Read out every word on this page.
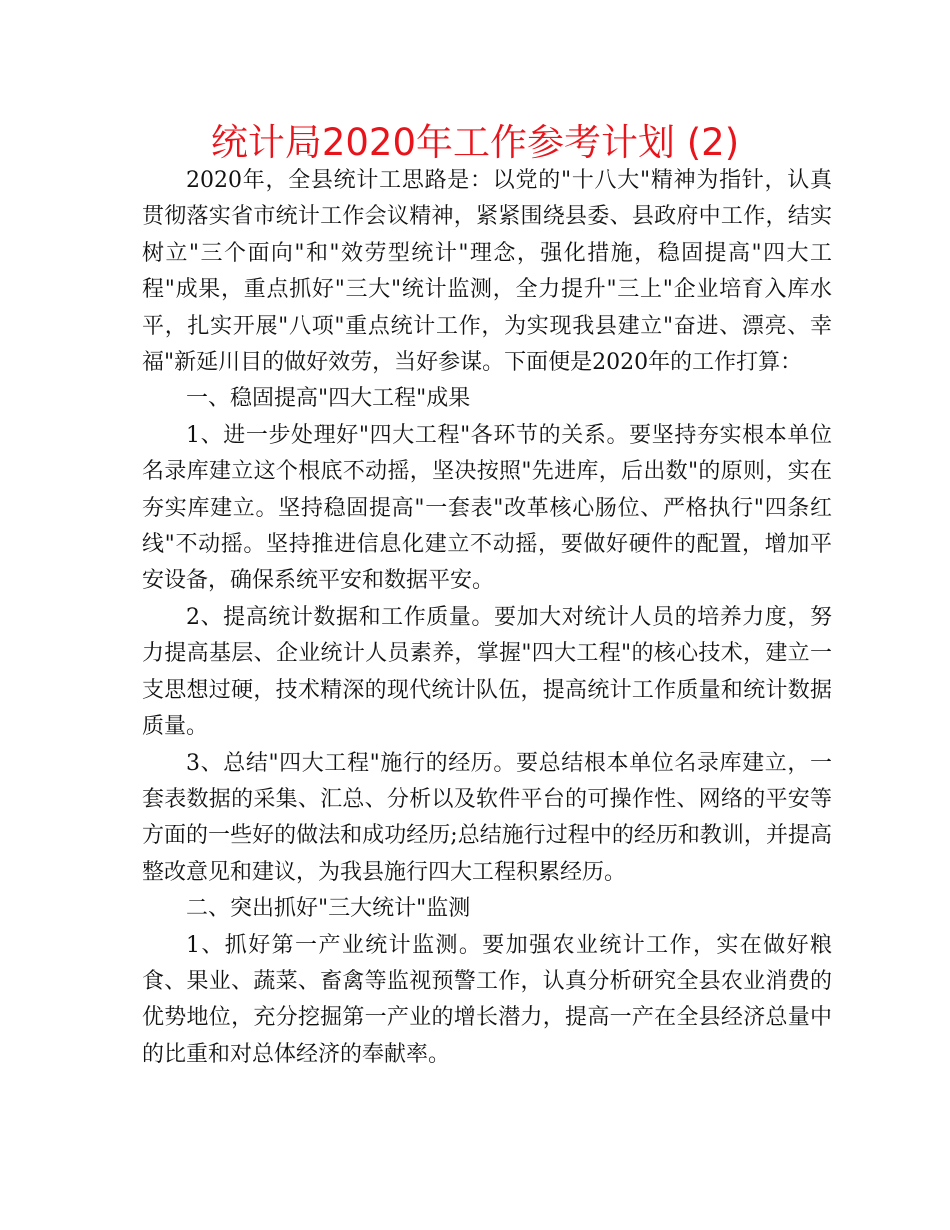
统计局2020年工作参考计划 (2)

2020年，全县统计工思路是：以党的"十八大"精神为指针，认真贯彻落实省市统计工作会议精神，紧紧围绕县委、县政府中工作，结实树立"三个面向"和"效劳型统计"理念，强化措施，稳固提高"四大工程"成果，重点抓好"三大"统计监测，全力提升"三上"企业培育入库水平，扎实开展"八项"重点统计工作，为实现我县建立"奋进、漂亮、幸福"新延川目的做好效劳，当好参谋。下面便是2020年的工作打算：

一、稳固提高"四大工程"成果

1、进一步处理好"四大工程"各环节的关系。要坚持夯实根本单位名录库建立这个根底不动摇，坚决按照"先进库，后出数"的原则，实在夯实库建立。坚持稳固提高"一套表"改革核心肠位、严格执行"四条红线"不动摇。坚持推进信息化建立不动摇，要做好硬件的配置，增加平安设备，确保系统平安和数据平安。

2、提高统计数据和工作质量。要加大对统计人员的培养力度，努力提高基层、企业统计人员素养，掌握"四大工程"的核心技术，建立一支思想过硬，技术精深的现代统计队伍，提高统计工作质量和统计数据质量。

3、总结"四大工程"施行的经历。要总结根本单位名录库建立，一套表数据的采集、汇总、分析以及软件平台的可操作性、网络的平安等方面的一些好的做法和成功经历;总结施行过程中的经历和教训，并提高整改意见和建议，为我县施行四大工程积累经历。

二、突出抓好"三大统计"监测

1、抓好第一产业统计监测。要加强农业统计工作，实在做好粮食、果业、蔬菜、畜禽等监视预警工作，认真分析研究全县农业消费的优势地位，充分挖掘第一产业的增长潜力，提高一产在全县经济总量中的比重和对总体经济的奉献率。
